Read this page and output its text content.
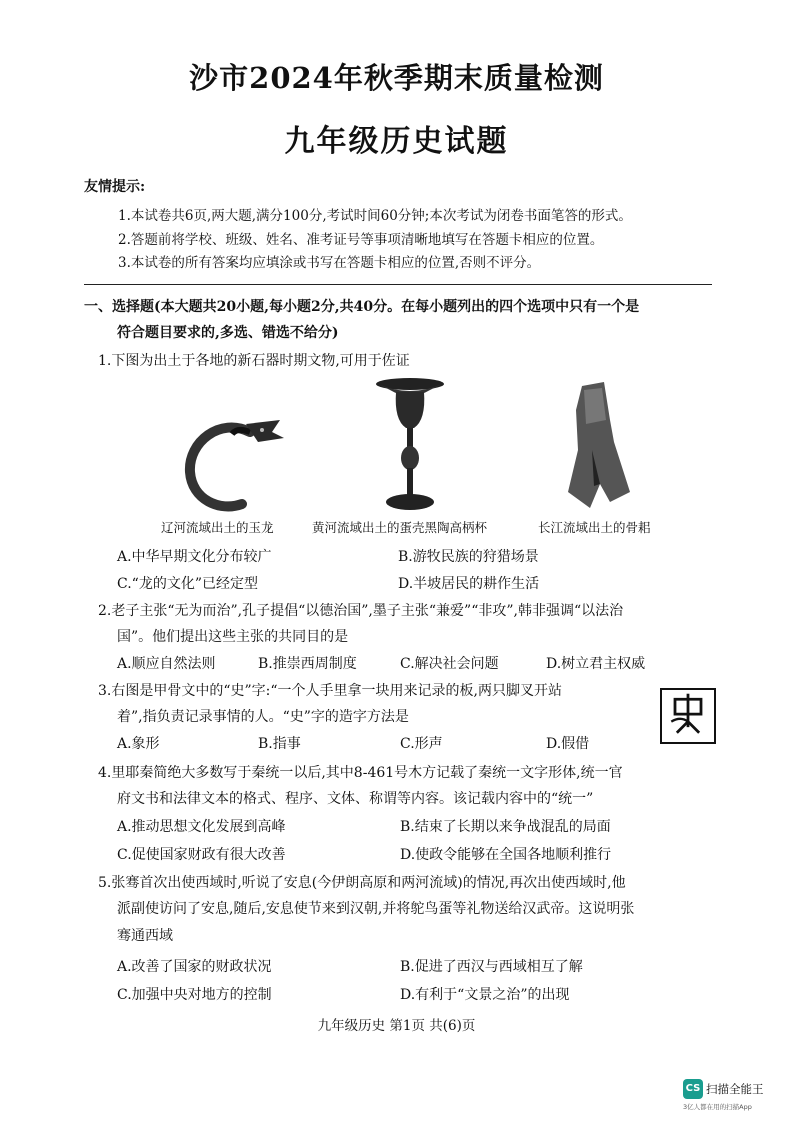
沙市2024年秋季期末质量检测
九年级历史试题
友情提示:
1.本试卷共6页,两大题,满分100分,考试时间60分钟;本次考试为闭卷书面笔答的形式。
2.答题前将学校、班级、姓名、准考证号等事项清晰地填写在答题卡相应的位置。
3.本试卷的所有答案均应填涂或书写在答题卡相应的位置,否则不评分。
一、选择题(本大题共20小题,每小题2分,共40分。在每小题列出的四个选项中只有一个是
符合题目要求的,多选、错选不给分)
1.下图为出土于各地的新石器时期文物,可用于佐证
辽河流域出土的玉龙	黄河流域出土的蛋壳黑陶高柄杯	长江流域出土的骨耜
A.中华早期文化分布较广	B.游牧民族的狩猎场景
C.“龙的文化”已经定型	D.半坡居民的耕作生活
2.老子主张“无为而治”,孔子提倡“以德治国”,墨子主张“兼爱”“非攻”,韩非强调“以法治
国”。他们提出这些主张的共同目的是
A.顺应自然法则	B.推崇西周制度	C.解决社会问题	D.树立君主权威
3.右图是甲骨文中的“史”字:“一个人手里拿一块用来记录的板,两只脚叉开站
着”,指负责记录事情的人。“史”字的造字方法是
A.象形	B.指事	C.形声	D.假借
4.里耶秦简绝大多数写于秦统一以后,其中8-461号木方记载了秦统一文字形体,统一官
府文书和法律文本的格式、程序、文体、称谓等内容。该记载内容中的“统一”
A.推动思想文化发展到高峰	B.结束了长期以来争战混乱的局面
C.促使国家财政有很大改善	D.使政令能够在全国各地顺利推行
5.张骞首次出使西域时,听说了安息(今伊朗高原和两河流域)的情况,再次出使西域时,他
派副使访问了安息,随后,安息使节来到汉朝,并将鸵鸟蛋等礼物送给汉武帝。这说明张
骞通西域
A.改善了国家的财政状况	B.促进了西汉与西域相互了解
C.加强中央对地方的控制	D.有利于“文景之治”的出现
九年级历史 第1页 共(6)页
CS 扫描全能王
3亿人都在用的扫描App
